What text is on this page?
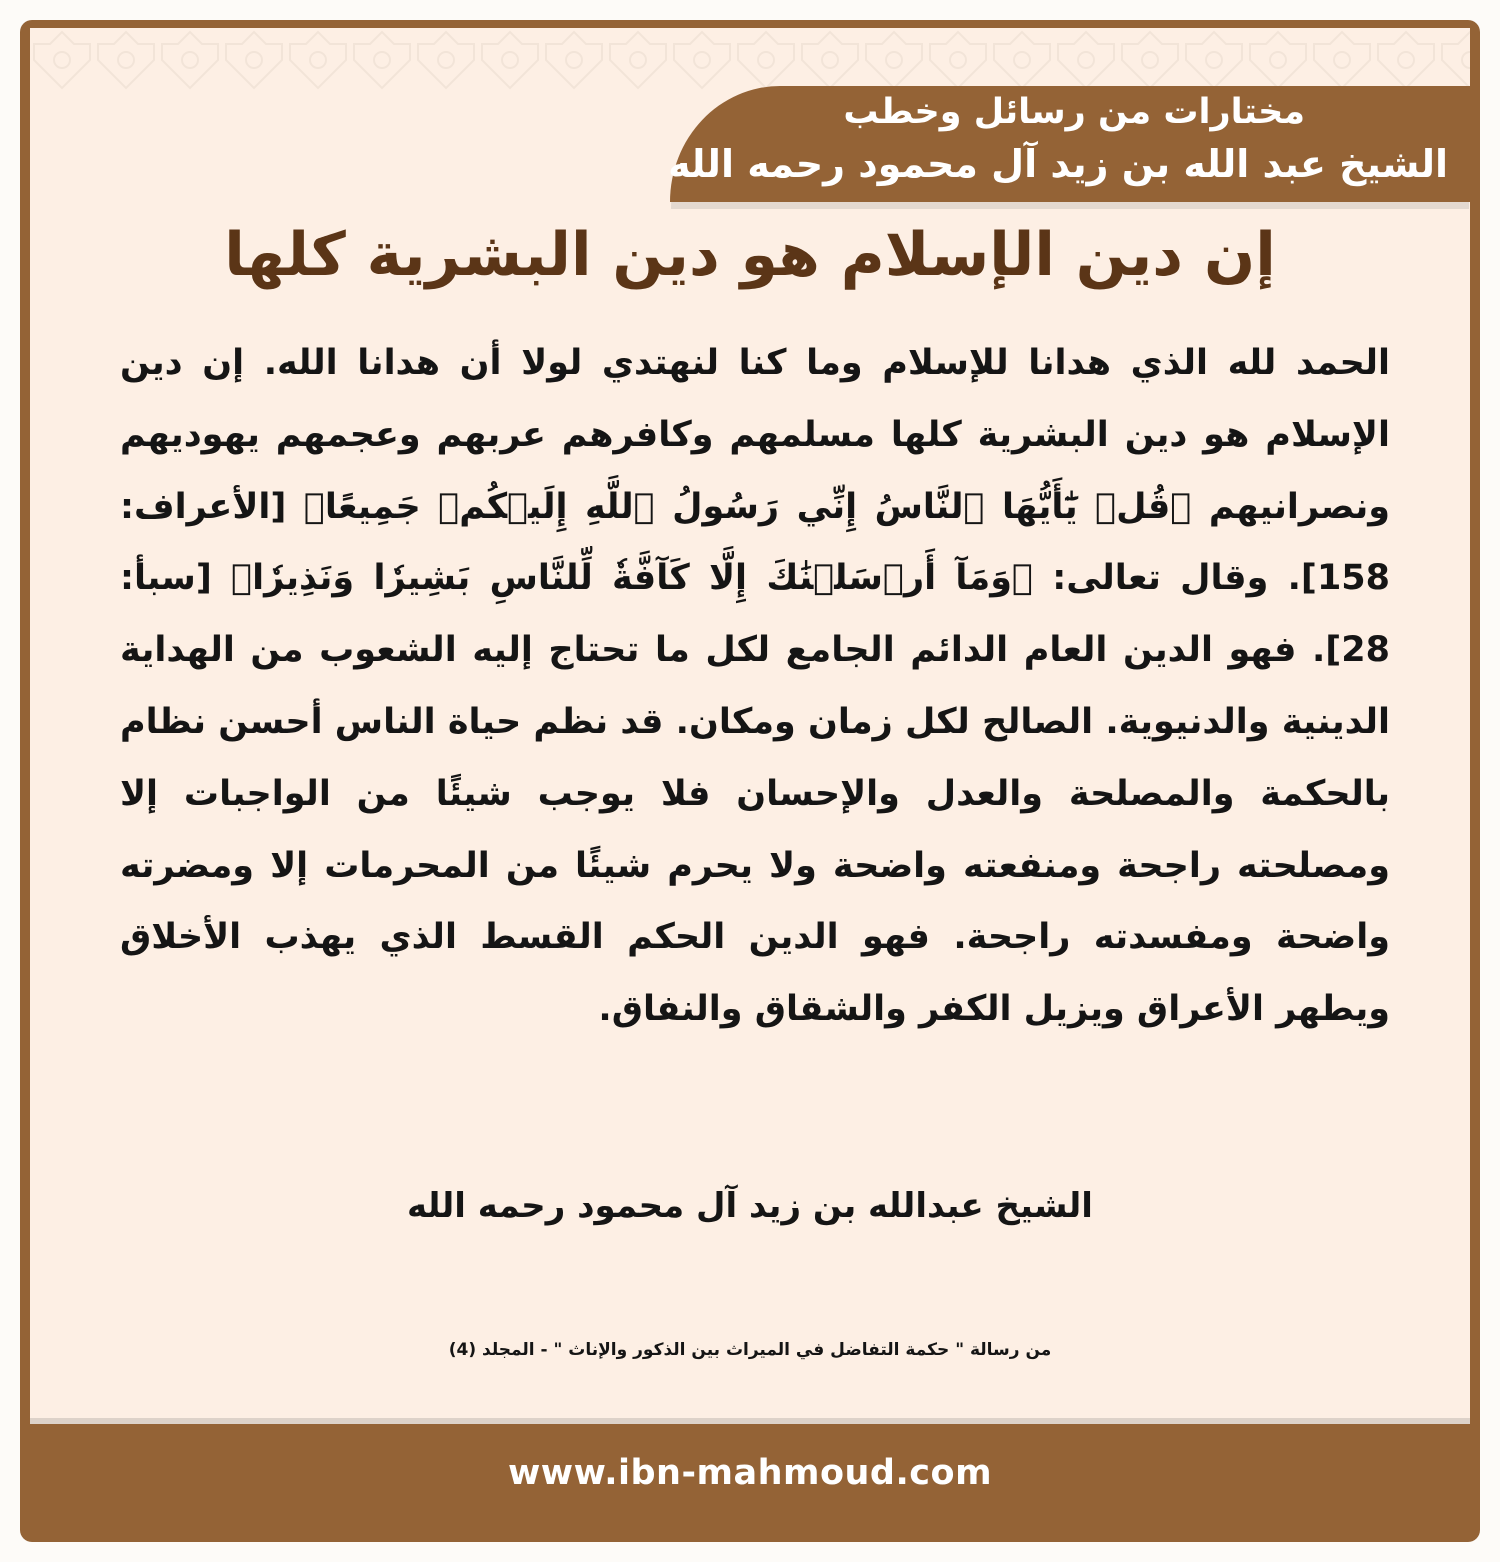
مختارات من رسائل وخطب
الشيخ عبد الله بن زيد آل محمود رحمه الله
إن دين الإسلام هو دين البشرية كلها
الحمد لله الذي هدانا للإسلام وما كنا لنهتدي لولا أن هدانا الله. إن دين الإسلام هو دين البشرية كلها مسلمهم وكافرهم عربهم وعجمهم يهوديهم ونصرانيهم ﴿قُلۡ يَٰٓأَيُّهَا ٱلنَّاسُ إِنِّي رَسُولُ ٱللَّهِ إِلَيۡكُمۡ جَمِيعًا﴾ [الأعراف: 158]. وقال تعالى: ﴿وَمَآ أَرۡسَلۡنَٰكَ إِلَّا كَآفَّةٗ لِّلنَّاسِ بَشِيرٗا وَنَذِيرٗا﴾ [سبأ: 28]. فهو الدين العام الدائم الجامع لكل ما تحتاج إليه الشعوب من الهداية الدينية والدنيوية. الصالح لكل زمان ومكان. قد نظم حياة الناس أحسن نظام بالحكمة والمصلحة والعدل والإحسان فلا يوجب شيئًا من الواجبات إلا ومصلحته راجحة ومنفعته واضحة ولا يحرم شيئًا من المحرمات إلا ومضرته واضحة ومفسدته راجحة. فهو الدين الحكم القسط الذي يهذب الأخلاق ويطهر الأعراق ويزيل الكفر والشقاق والنفاق.
الشيخ عبدالله بن زيد آل محمود رحمه الله
من رسالة " حكمة التفاضل في الميراث بين الذكور والإناث " - المجلد (4)
www.ibn-mahmoud.com
